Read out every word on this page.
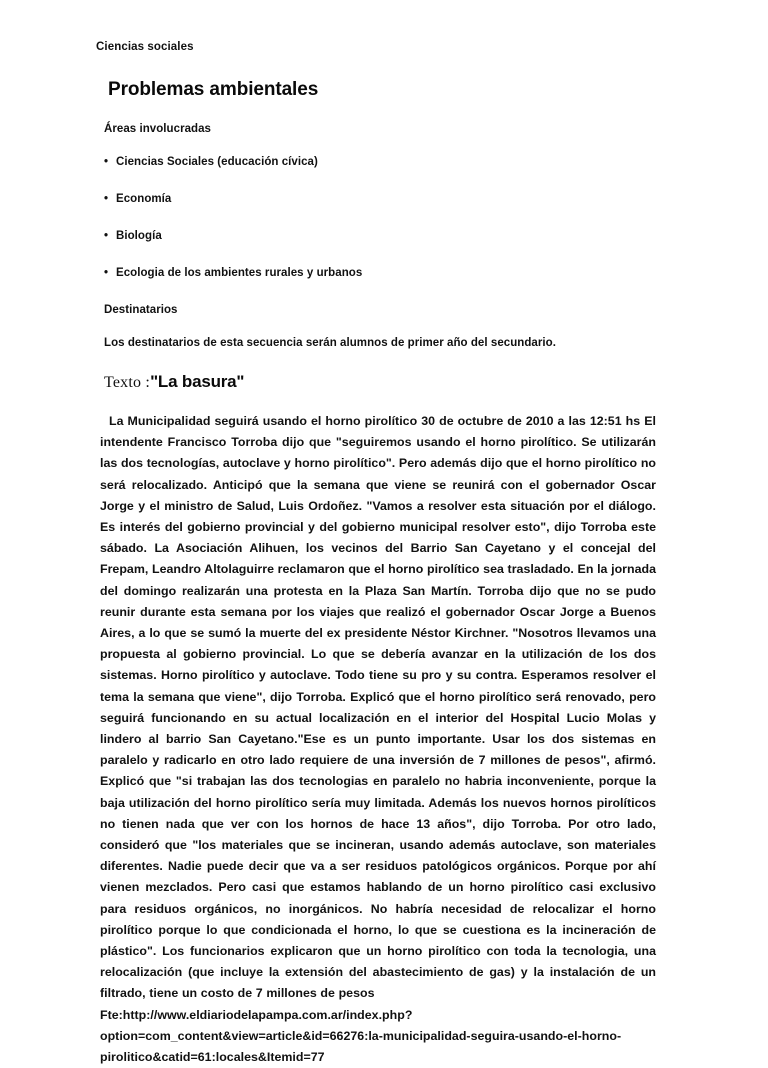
Ciencias sociales
Problemas ambientales

Áreas involucradas

• Ciencias Sociales (educación cívica)
• Economía
• Biología
• Ecologia de los ambientes rurales y urbanos

Destinatarios

Los destinatarios de esta secuencia serán alumnos de primer año del secundario.

Texto :"La basura"

La Municipalidad seguirá usando el horno pirolítico 30 de octubre de 2010 a las 12:51 hs El intendente Francisco Torroba dijo que "seguiremos usando el horno pirolítico. Se utilizarán las dos tecnologías, autoclave y horno pirolítico". Pero además dijo que el horno pirolítico no será relocalizado. Anticipó que la semana que viene se reunirá con el gobernador Oscar Jorge y el ministro de Salud, Luis Ordoñez. "Vamos a resolver esta situación por el diálogo. Es interés del gobierno provincial y del gobierno municipal resolver esto", dijo Torroba este sábado. La Asociación Alihuen, los vecinos del Barrio San Cayetano y el concejal del Frepam, Leandro Altolaguirre reclamaron que el horno pirolítico sea trasladado. En la jornada del domingo realizarán una protesta en la Plaza San Martín. Torroba dijo que no se pudo reunir durante esta semana por los viajes que realizó el gobernador Oscar Jorge a Buenos Aires, a lo que se sumó la muerte del ex presidente Néstor Kirchner. "Nosotros llevamos una propuesta al gobierno provincial. Lo que se debería avanzar en la utilización de los dos sistemas. Horno pirolítico y autoclave. Todo tiene su pro y su contra. Esperamos resolver el tema la semana que viene", dijo Torroba. Explicó que el horno pirolítico será renovado, pero seguirá funcionando en su actual localización en el interior del Hospital Lucio Molas y lindero al barrio San Cayetano."Ese es un punto importante. Usar los dos sistemas en paralelo y radicarlo en otro lado requiere de una inversión de 7 millones de pesos", afirmó. Explicó que "si trabajan las dos tecnologias en paralelo no habria inconveniente, porque la baja utilización del horno pirolítico sería muy limitada. Además los nuevos hornos pirolíticos no tienen nada que ver con los hornos de hace 13 años", dijo Torroba. Por otro lado, consideró que "los materiales que se incineran, usando además autoclave, son materiales diferentes. Nadie puede decir que va a ser residuos patológicos orgánicos. Porque por ahí vienen mezclados. Pero casi que estamos hablando de un horno pirolítico casi exclusivo para residuos orgánicos, no inorgánicos. No habría necesidad de relocalizar el horno pirolítico porque lo que condicionada el horno, lo que se cuestiona es la incineración de plástico". Los funcionarios explicaron que un horno pirolítico con toda la tecnologia, una relocalización (que incluye la extensión del abastecimiento de gas) y la instalación de un filtrado, tiene un costo de 7 millones de pesos

Fte:http://www.eldiariodelapampa.com.ar/index.php?option=com_content&view=article&id=66276:la-municipalidad-seguira-usando-el-horno-pirolitico&catid=61:locales&Itemid=77
